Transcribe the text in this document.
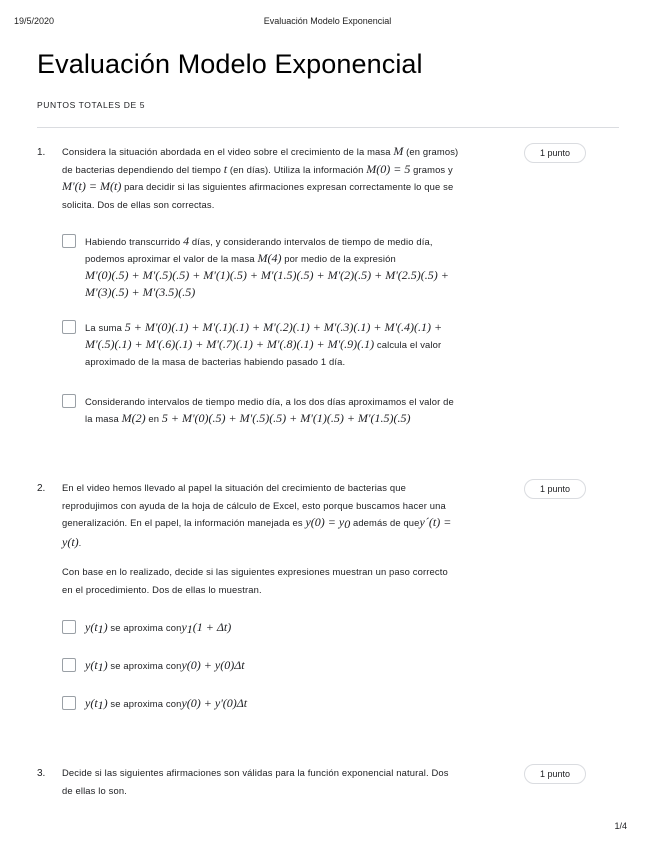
19/5/2020	Evaluación Modelo Exponencial
Evaluación Modelo Exponencial
PUNTOS TOTALES DE 5
1.	1 punto
Considera la situación abordada en el video sobre el crecimiento de la masa M (en gramos)
de bacterias dependiendo del tiempo t (en días). Utiliza la información M(0) = 5 gramos y
M'(t) = M(t) para decidir si las siguientes afirmaciones expresan correctamente lo que se
solicita. Dos de ellas son correctas.
Habiendo transcurrido 4 días, y considerando intervalos de tiempo de medio día,
podemos aproximar el valor de la masa M(4) por medio de la expresión
M'(0)(.5) + M'(.5)(.5) + M'(1)(.5) + M'(1.5)(.5) + M'(2)(.5) + M'(2.5)(.5) +
M'(3)(.5) + M'(3.5)(.5)
La suma 5 + M'(0)(.1) + M'(.1)(.1) + M'(.2)(.1) + M'(.3)(.1) + M'(.4)(.1) +
M'(.5)(.1) + M'(.6)(.1) + M'(.7)(.1) + M'(.8)(.1) + M'(.9)(.1) calcula el valor
aproximado de la masa de bacterias habiendo pasado 1 día.
Considerando intervalos de tiempo medio día, a los dos días aproximamos el valor de
la masa M(2) en 5 + M'(0)(.5) + M'(.5)(.5) + M'(1)(.5) + M'(1.5)(.5)
2.	1 punto
En el video hemos llevado al papel la situación del crecimiento de bacterias que
reprodujimos con ayuda de la hoja de cálculo de Excel, esto porque buscamos hacer una
generalización. En el papel, la información manejada es $y(0) = y_0$ además de quey´(t) =
y(t).
Con base en lo realizado, decide si las siguientes expresiones muestran un paso correcto
en el procedimiento. Dos de ellas lo muestran.
$y(t_1)$ se aproxima cony$_1$(1 + Δt)
$y(t_1)$ se aproxima cony(0) + y(0)Δt
$y(t_1)$ se aproxima cony(0) + y'(0)Δt
3.	1 punto
Decide si las siguientes afirmaciones son válidas para la función exponencial natural. Dos
de ellas lo son.
1/4
